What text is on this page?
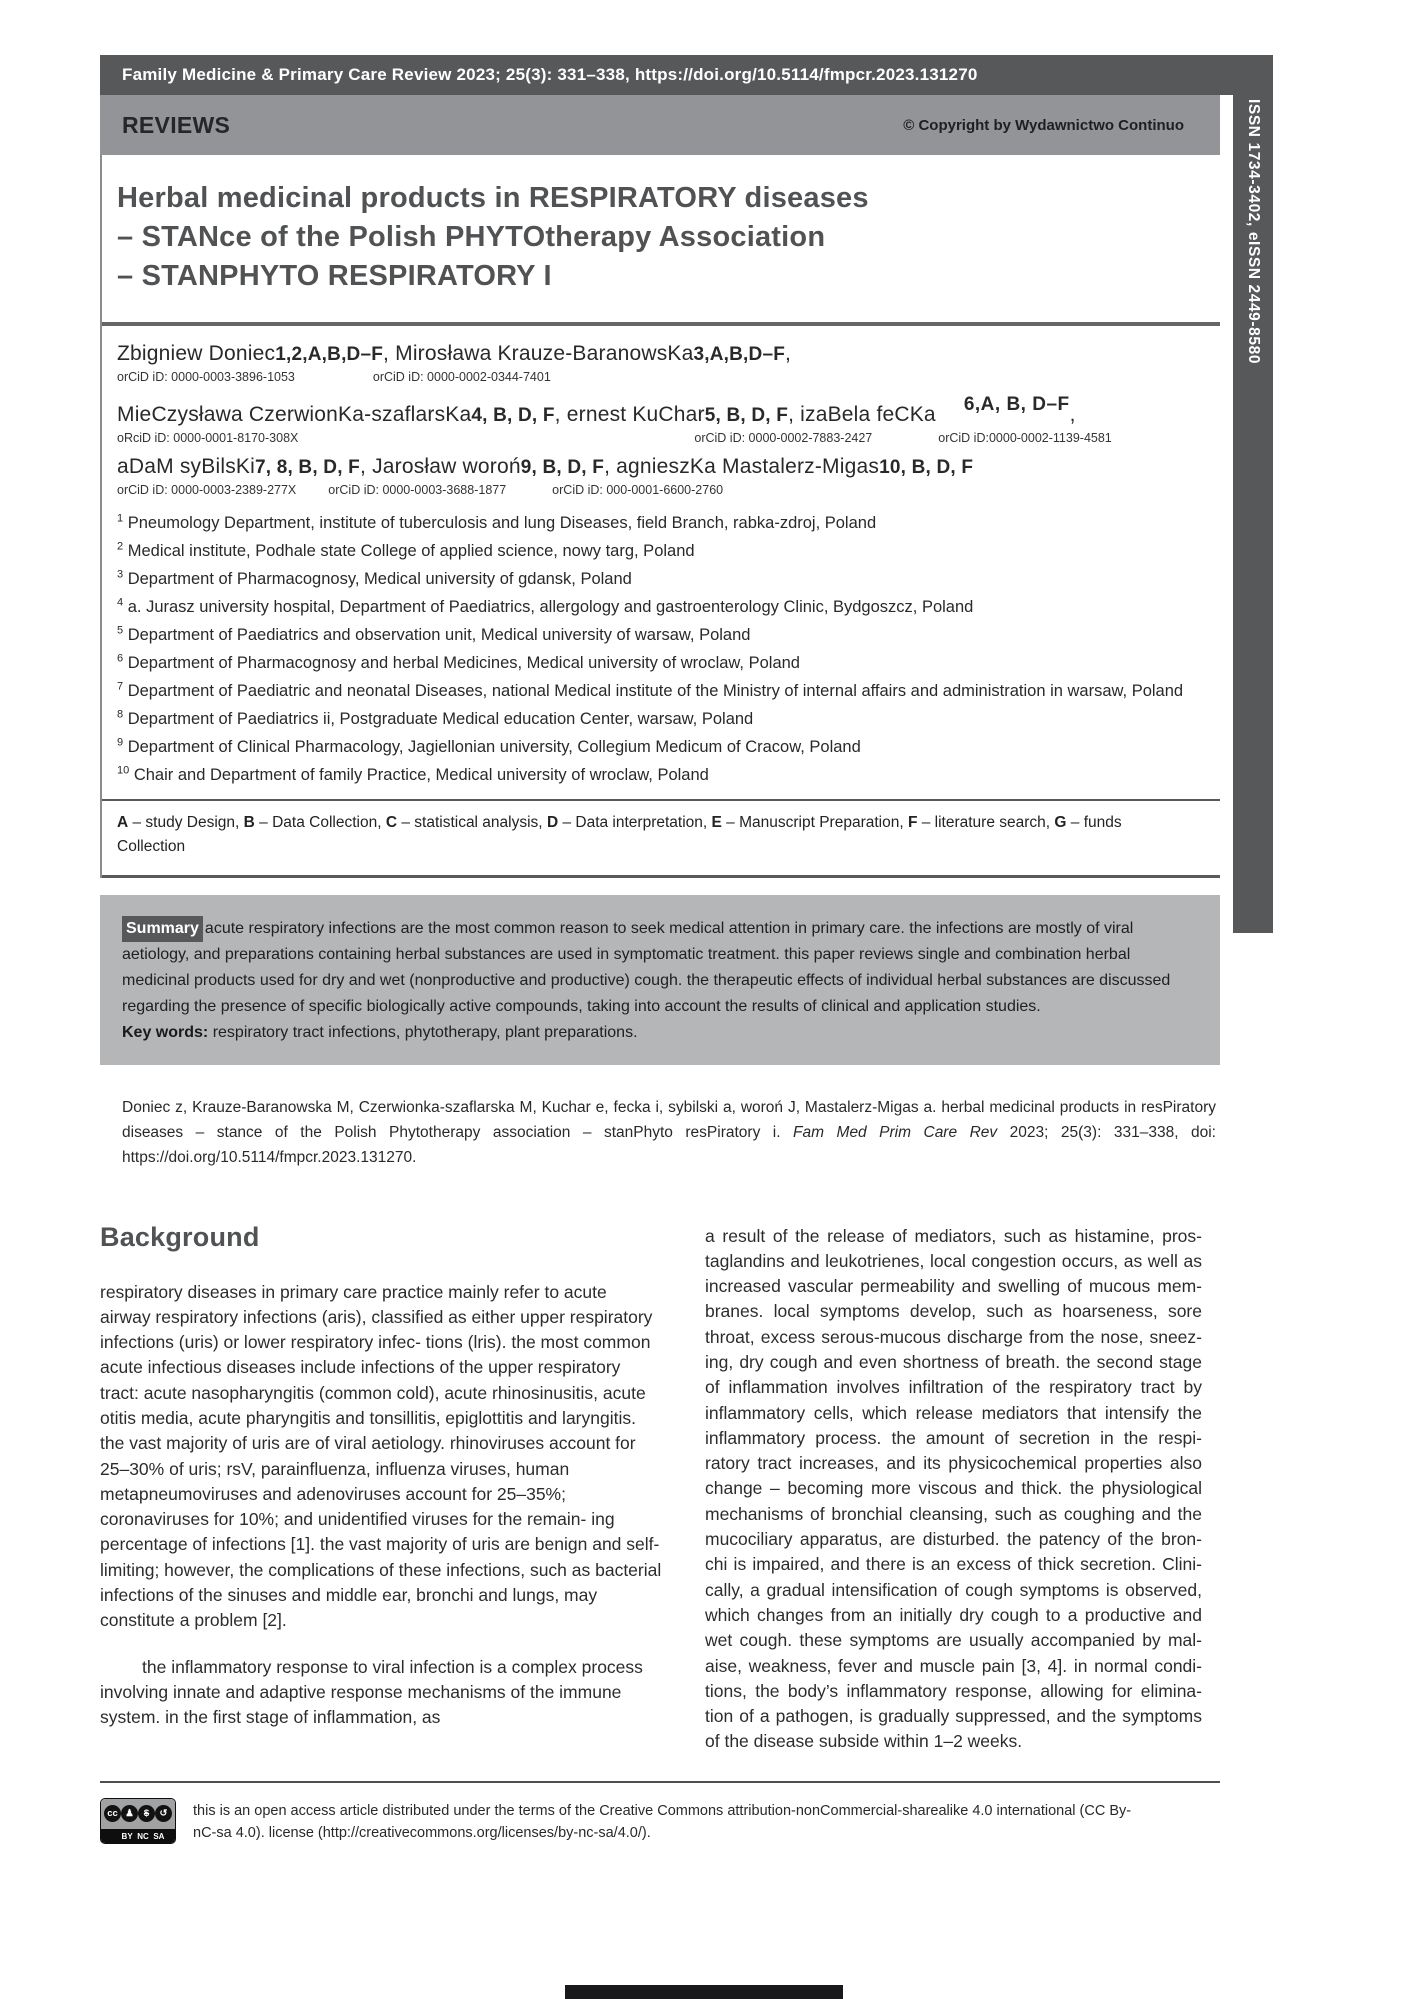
Family Medicine & Primary Care Review 2023; 25(3): 331–338, https://doi.org/10.5114/fmpcr.2023.131270
ISSN 1734-3402, eISSN 2449-8580
REVIEWS	© Copyright by Wydawnictwo Continuo
Herbal medicinal products in RESPIRATORY diseases
– STANce of the Polish PHYTOtherapy Association
– STANPHYTO RESPIRATORY I
Zbigniew Doniec1,2,A,B,D–F, Mirosława Krauze-BaranowsKa3,A,B,D–F,
orCiD iD: 0000-0003-3896-1053	orCiD iD: 0000-0002-0344-7401
MieCzysława CzerwionKa-szaflarsKa4, B, D, F, ernest KuChar5, B, D, F, izaBela feCKa 6,A, B, D–F,
oRciD iD: 0000-0001-8170-308X	orCiD iD: 0000-0002-7883-2427	orCiD iD:0000-0002-1139-4581
aDaM syBilsKi7, 8, B, D, F, Jarosław woroń9, B, D, F, agnieszKa Mastalerz-Migas10, B, D, F
orCiD iD: 0000-0003-2389-277X	orCiD iD: 0000-0003-3688-1877	orCiD iD: 000-0001-6600-2760
$^1$ Pneumology Department, institute of tuberculosis and lung Diseases, field Branch, rabka-zdroj, Poland
$^2$ Medical institute, Podhale state College of applied science, nowy targ, Poland
$^3$ Department of Pharmacognosy, Medical university of gdansk, Poland
$^4$ a. Jurasz university hospital, Department of Paediatrics, allergology and gastroenterology Clinic, Bydgoszcz, Poland
$^5$ Department of Paediatrics and observation unit, Medical university of warsaw, Poland
$^6$ Department of Pharmacognosy and herbal Medicines, Medical university of wroclaw, Poland
$^7$ Department of Paediatric and neonatal Diseases, national Medical institute of the Ministry of internal affairs and administration in warsaw, Poland
$^8$ Department of Paediatrics ii, Postgraduate Medical education Center, warsaw, Poland
$^9$ Department of Clinical Pharmacology, Jagiellonian university, Collegium Medicum of Cracow, Poland
$^{10}$ Chair and Department of family Practice, Medical university of wroclaw, Poland
A – study Design, B – Data Collection, C – statistical analysis, D – Data interpretation, E – Manuscript Preparation, F – literature search, G – funds Collection
Summary acute respiratory infections are the most common reason to seek medical attention in primary care. the infections are mostly of viral aetiology, and preparations containing herbal substances are used in symptomatic treatment. this paper reviews single and combination herbal medicinal products used for dry and wet (nonproductive and productive) cough. the therapeutic effects of individual herbal substances are discussed regarding the presence of specific biologically active compounds, taking into account the results of clinical and application studies.
Key words: respiratory tract infections, phytotherapy, plant preparations.
Doniec z, Krauze-Baranowska M, Czerwionka-szaflarska M, Kuchar e, fecka i, sybilski a, woroń J, Mastalerz-Migas a. herbal medicinal products in resPiratory diseases – stance of the Polish Phytotherapy association – stanPhyto resPiratory i. Fam Med Prim Care Rev 2023; 25(3): 331–338, doi: https://doi.org/10.5114/fmpcr.2023.131270.
Background

respiratory diseases in primary care practice mainly refer to acute airway respiratory infections (aris), classified as either upper respiratory infections (uris) or lower respiratory infec- tions (lris). the most common acute infectious diseases include infections of the upper respiratory tract: acute nasopharyngitis (common cold), acute rhinosinusitis, acute otitis media, acute pharyngitis and tonsillitis, epiglottitis and laryngitis. the vast majority of uris are of viral aetiology. rhinoviruses account for 25–30% of uris; rsV, parainfluenza, influenza viruses, human metapneumoviruses and adenoviruses account for 25–35%; coronaviruses for 10%; and unidentified viruses for the remain- ing percentage of infections [1]. the vast majority of uris are benign and self-limiting; however, the complications of these infections, such as bacterial infections of the sinuses and middle ear, bronchi and lungs, may constitute a problem [2].

the inflammatory response to viral infection is a complex process involving innate and adaptive response mechanisms of the immune system. in the first stage of inflammation, as

a result of the release of mediators, such as histamine, pros- taglandins and leukotrienes, local congestion occurs, as well as increased vascular permeability and swelling of mucous mem- branes. local symptoms develop, such as hoarseness, sore throat, excess serous-mucous discharge from the nose, sneez- ing, dry cough and even shortness of breath. the second stage of inflammation involves infiltration of the respiratory tract by inflammatory cells, which release mediators that intensify the inflammatory process. the amount of secretion in the respi- ratory tract increases, and its physicochemical properties also change – becoming more viscous and thick. the physiological mechanisms of bronchial cleansing, such as coughing and the mucociliary apparatus, are disturbed. the patency of the bron- chi is impaired, and there is an excess of thick secretion. Clini- cally, a gradual intensification of cough symptoms is observed, which changes from an initially dry cough to a productive and wet cough. these symptoms are usually accompanied by mal- aise, weakness, fever and muscle pain [3, 4]. in normal condi- tions, the body’s inflammatory response, allowing for elimina- tion of a pathogen, is gradually suppressed, and the symptoms of the disease subside within 1–2 weeks.

cc ♟	$	↺
BY NC SA
this is an open access article distributed under the terms of the Creative Commons attribution-nonCommercial-sharealike 4.0 international (CC By-nC-sa 4.0). license (http://creativecommons.org/licenses/by-nc-sa/4.0/).
